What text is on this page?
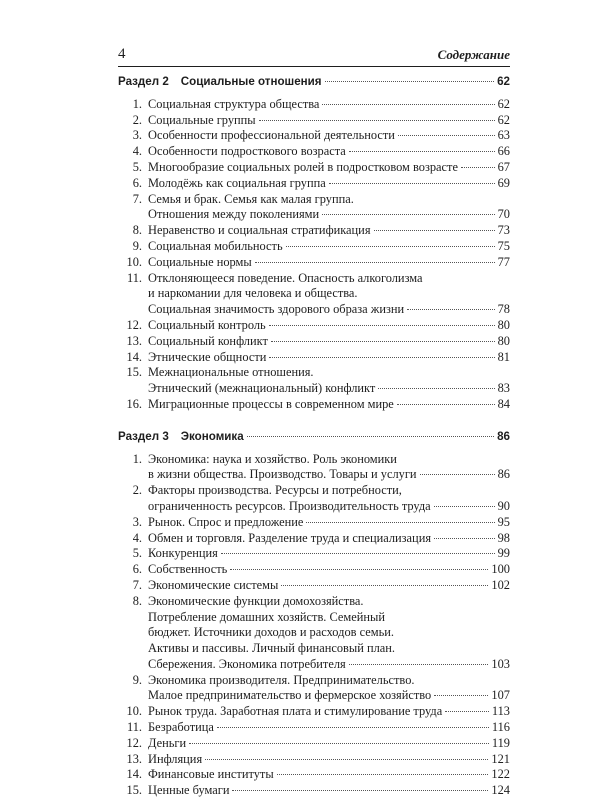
4	Содержание
Раздел 2 Социальные отношения	62
1. Социальная структура общества	62
2. Социальные группы	62
3. Особенности профессиональной деятельности	63
4. Особенности подросткового возраста	66
5. Многообразие социальных ролей в подростковом возрасте	67
6. Молодёжь как социальная группа	69
7. Семья и брак. Семья как малая группа.
Отношения между поколениями	70
8. Неравенство и социальная стратификация	73
9. Социальная мобильность	75
10. Социальные нормы	77
11. Отклоняющееся поведение. Опасность алкоголизма
и наркомании для человека и общества.
Социальная значимость здорового образа жизни	78
12. Социальный контроль	80
13. Социальный конфликт	80
14. Этнические общности	81
15. Межнациональные отношения.
Этнический (межнациональный) конфликт	83
16. Миграционные процессы в современном мире	84
Раздел 3 Экономика	86
1. Экономика: наука и хозяйство. Роль экономики
в жизни общества. Производство. Товары и услуги	86
2. Факторы производства. Ресурсы и потребности,
ограниченность ресурсов. Производительность труда	90
3. Рынок. Спрос и предложение	95
4. Обмен и торговля. Разделение труда и специализация	98
5. Конкуренция	99
6. Собственность	100
7. Экономические системы	102
8. Экономические функции домохозяйства.
Потребление домашних хозяйств. Семейный
бюджет. Источники доходов и расходов семьи.
Активы и пассивы. Личный финансовый план.
Сбережения. Экономика потребителя	103
9. Экономика производителя. Предпринимательство.
Малое предпринимательство и фермерское хозяйство	107
10. Рынок труда. Заработная плата и стимулирование труда	113
11. Безработица	116
12. Деньги	119
13. Инфляция	121
14. Финансовые институты	122
15. Ценные бумаги	124
